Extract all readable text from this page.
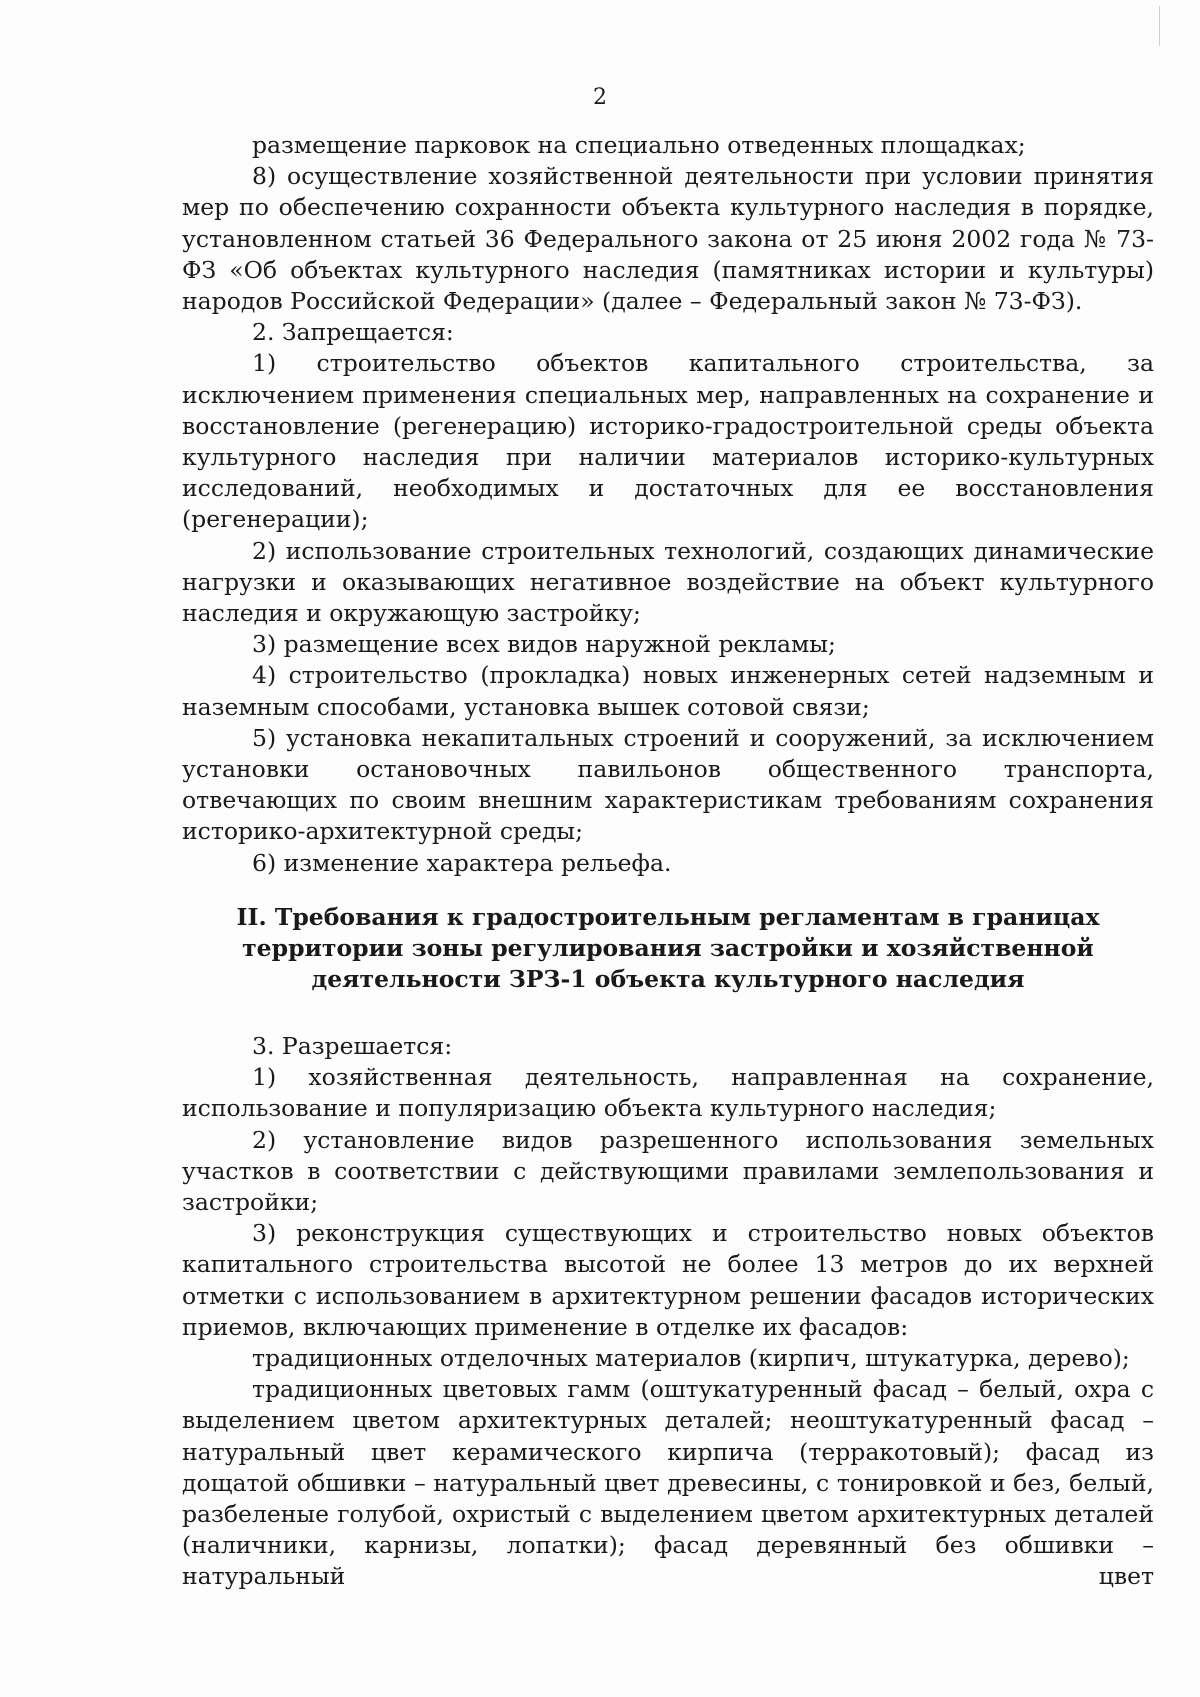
2

размещение парковок на специально отведенных площадках;

8) осуществление хозяйственной деятельности при условии принятия мер по обеспечению сохранности объекта культурного наследия в порядке, установленном статьей 36 Федерального закона от 25 июня 2002 года № 73-ФЗ «Об объектах культурного наследия (памятниках истории и культуры) народов Российской Федерации» (далее – Федеральный закон № 73-ФЗ).

2. Запрещается:

1) строительство объектов капитального строительства, за исключением применения специальных мер, направленных на сохранение и восстановление (регенерацию) историко-градостроительной среды объекта культурного наследия при наличии материалов историко-культурных исследований, необходимых и достаточных для ее восстановления (регенерации);

2) использование строительных технологий, создающих динамические нагрузки и оказывающих негативное воздействие на объект культурного наследия и окружающую застройку;

3) размещение всех видов наружной рекламы;

4) строительство (прокладка) новых инженерных сетей надземным и наземным способами, установка вышек сотовой связи;

5) установка некапитальных строений и сооружений, за исключением установки остановочных павильонов общественного транспорта, отвечающих по своим внешним характеристикам требованиям сохранения историко-архитектурной среды;

6) изменение характера рельефа.

II. Требования к градостроительным регламентам в границах территории зоны регулирования застройки и хозяйственной деятельности ЗРЗ-1 объекта культурного наследия

3. Разрешается:

1) хозяйственная деятельность, направленная на сохранение, использование и популяризацию объекта культурного наследия;

2) установление видов разрешенного использования земельных участков в соответствии с действующими правилами землепользования и застройки;

3) реконструкция существующих и строительство новых объектов капитального строительства высотой не более 13 метров до их верхней отметки с использованием в архитектурном решении фасадов исторических приемов, включающих применение в отделке их фасадов:

традиционных отделочных материалов (кирпич, штукатурка, дерево);

традиционных цветовых гамм (оштукатуренный фасад – белый, охра с выделением цветом архитектурных деталей; неоштукатуренный фасад – натуральный цвет керамического кирпича (терракотовый); фасад из дощатой обшивки – натуральный цвет древесины, с тонировкой и без, белый, разбеленые голубой, охристый с выделением цветом архитектурных деталей (наличники, карнизы, лопатки); фасад деревянный без обшивки – натуральный цвет
